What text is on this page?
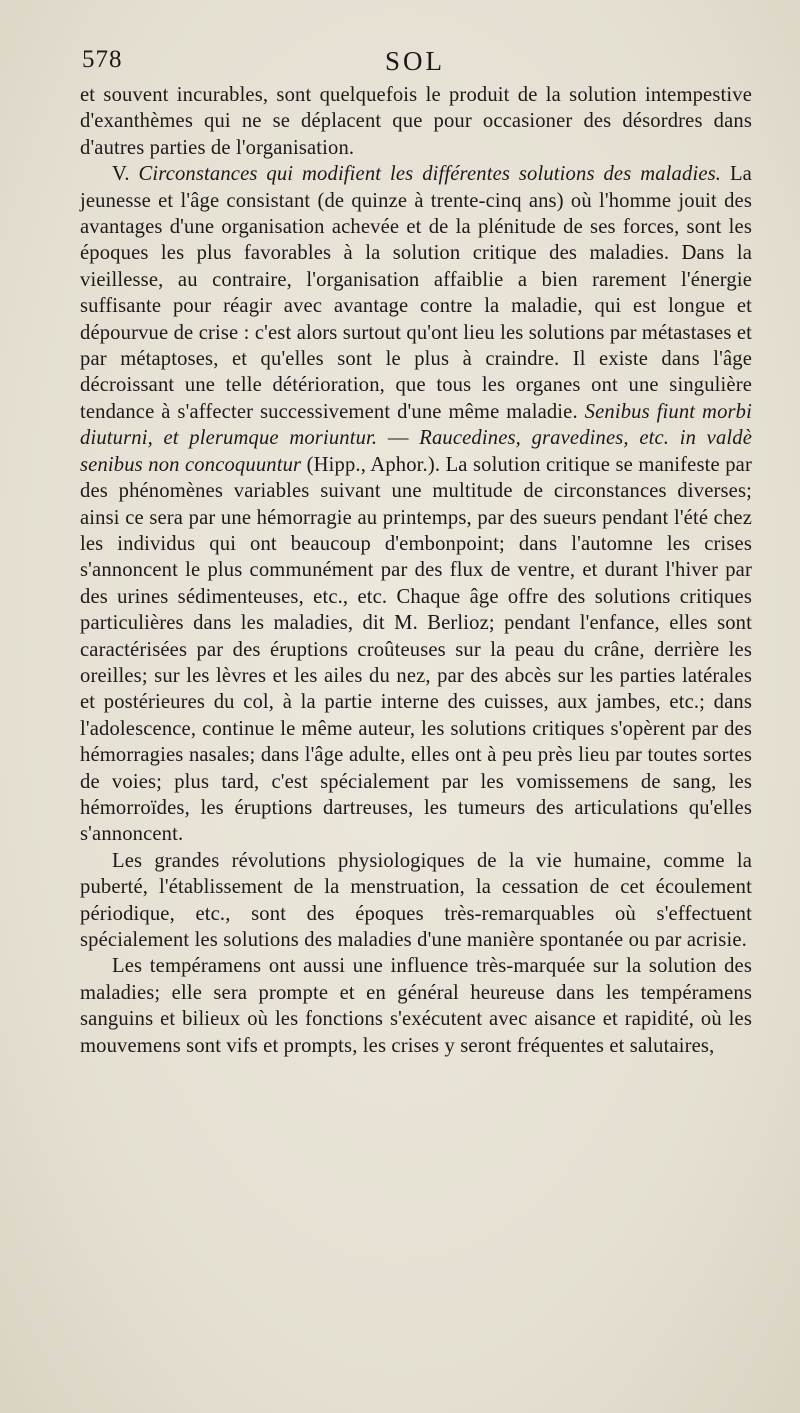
578	SOL

et souvent incurables, sont quelquefois le produit de la solution intempestive d'exanthèmes qui ne se déplacent que pour occasioner des désordres dans d'autres parties de l'organisation.

V. Circonstances qui modifient les différentes solutions des maladies. La jeunesse et l'âge consistant (de quinze à trente-cinq ans) où l'homme jouit des avantages d'une organisation achevée et de la plénitude de ses forces, sont les époques les plus favorables à la solution critique des maladies. Dans la vieillesse, au contraire, l'organisation affaiblie a bien rarement l'énergie suffisante pour réagir avec avantage contre la maladie, qui est longue et dépourvue de crise : c'est alors surtout qu'ont lieu les solutions par métastases et par métaptoses, et qu'elles sont le plus à craindre. Il existe dans l'âge décroissant une telle détérioration, que tous les organes ont une singulière tendance à s'affecter successivement d'une même maladie. Senibus fiunt morbi diuturni, et plerumque moriuntur. — Raucedines, gravedines, etc. in valdè senibus non concoquuntur (Hipp., Aphor.). La solution critique se manifeste par des phénomènes variables suivant une multitude de circonstances diverses; ainsi ce sera par une hémorragie au printemps, par des sueurs pendant l'été chez les individus qui ont beaucoup d'embonpoint; dans l'automne les crises s'annoncent le plus communément par des flux de ventre, et durant l'hiver par des urines sédimenteuses, etc., etc. Chaque âge offre des solutions critiques particulières dans les maladies, dit M. Berlioz; pendant l'enfance, elles sont caractérisées par des éruptions croûteuses sur la peau du crâne, derrière les oreilles; sur les lèvres et les ailes du nez, par des abcès sur les parties latérales et postérieures du col, à la partie interne des cuisses, aux jambes, etc.; dans l'adolescence, continue le même auteur, les solutions critiques s'opèrent par des hémorragies nasales; dans l'âge adulte, elles ont à peu près lieu par toutes sortes de voies; plus tard, c'est spécialement par les vomissemens de sang, les hémorroïdes, les éruptions dartreuses, les tumeurs des articulations qu'elles s'annoncent.

Les grandes révolutions physiologiques de la vie humaine, comme la puberté, l'établissement de la menstruation, la cessation de cet écoulement périodique, etc., sont des époques très-remarquables où s'effectuent spécialement les solutions des maladies d'une manière spontanée ou par acrisie.

Les tempéramens ont aussi une influence très-marquée sur la solution des maladies; elle sera prompte et en général heureuse dans les tempéramens sanguins et bilieux où les fonctions s'exécutent avec aisance et rapidité, où les mouvemens sont vifs et prompts, les crises y seront fréquentes et salutaires,
